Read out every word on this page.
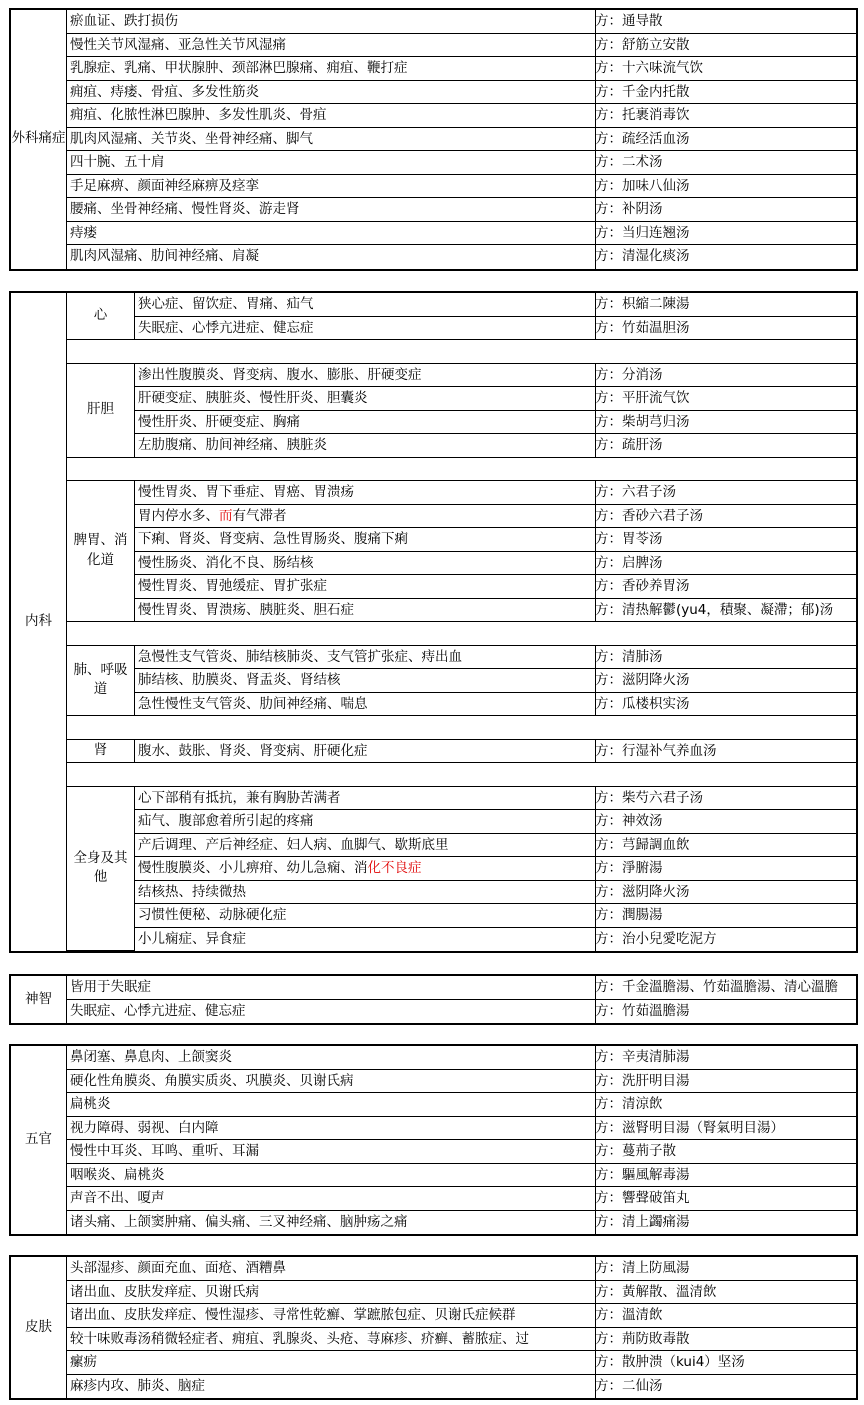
外科痛症
瘀血证、跌打损伤	方：通导散
慢性关节风湿痛、亚急性关节风湿痛	方：舒筋立安散
乳腺症、乳痛、甲状腺肿、颈部淋巴腺痛、痈疽、鞭打症	方：十六味流气饮
痈疽、痔瘘、骨疽、多发性筋炎	方：千金内托散
痈疽、化脓性淋巴腺肿、多发性肌炎、骨疽	方：托裹消毒饮
肌肉风湿痛、关节炎、坐骨神经痛、脚气	方：疏经活血汤
四十腕、五十肩	方：二术汤
手足麻痹、颜面神经麻痹及痉挛	方：加味八仙汤
腰痛、坐骨神经痛、慢性肾炎、游走肾	方：补阴汤
痔瘘	方：当归连翘汤
肌肉风湿痛、肋间神经痛、肩凝	方：清湿化痰汤
神智
皆用于失眠症	方：千金溫膽湯、竹茹溫膽湯、清心溫膽
失眠症、心悸亢进症、健忘症	方：竹茹溫膽湯
五官
鼻闭塞、鼻息肉、上颌窦炎	方：辛夷清肺湯
硬化性角膜炎、角膜实质炎、巩膜炎、贝谢氏病	方：洗肝明目湯
扁桃炎	方：清涼飲
视力障碍、弱视、白内障	方：滋腎明目湯（腎氣明目湯）
慢性中耳炎、耳鸣、重听、耳漏	方：蔓荊子散
咽喉炎、扁桃炎	方：驅風解毒湯
声音不出、嗄声	方：響聲破笛丸
诸头痛、上颌窦肿痛、偏头痛、三叉神经痛、脑肿疡之痛	方：清上蠲痛湯
皮肤
头部湿疹、颜面充血、面疮、酒糟鼻	方：清上防風湯
诸出血、皮肤发痒症、贝谢氏病	方：黃解散、溫清飲
诸出血、皮肤发痒症、慢性湿疹、寻常性乾癬、掌蹠脓包症、贝谢氏症候群	方：溫清飲
较十味败毒汤稍微轻症者、痈疽、乳腺炎、头疮、荨麻疹、疥癣、蓄脓症、过	方：荊防敗毒散
瘰疬	方：散肿溃（kui4）坚汤
麻疹内攻、肺炎、脑症	方：二仙汤
内科
心
狭心症、留饮症、胃痛、疝气	方：枳縮二陳湯
失眠症、心悸亢进症、健忘症	方：竹茹温胆汤
肝胆
渗出性腹膜炎、肾变病、腹水、膨胀、肝硬变症	方：分消汤
肝硬变症、胰脏炎、慢性肝炎、胆囊炎	方：平肝流气饮
慢性肝炎、肝硬变症、胸痛	方：柴胡芎归汤
左肋腹痛、肋间神经痛、胰脏炎	方：疏肝汤
脾胃、消化道
慢性胃炎、胃下垂症、胃癌、胃溃疡	方：六君子汤
胃内停水多、而有气滞者	方：香砂六君子汤
下痢、肾炎、肾变病、急性胃肠炎、腹痛下痢	方：胃苓汤
慢性肠炎、消化不良、肠结核	方：启脾汤
慢性胃炎、胃弛缓症、胃扩张症	方：香砂养胃汤
慢性胃炎、胃溃疡、胰脏炎、胆石症	方：清热解鬱(yu4，積聚、凝滯；郁)汤
肺、呼吸道
急慢性支气管炎、肺结核肺炎、支气管扩张症、痔出血	方：清肺汤
肺结核、肋膜炎、肾盂炎、肾结核	方：滋阴降火汤
急性慢性支气管炎、肋间神经痛、喘息	方：瓜楼枳实汤
肾	腹水、鼓胀、肾炎、肾变病、肝硬化症	方：行湿补气养血汤
全身及其他
心下部稍有抵抗，兼有胸胁苦满者	方：柴芍六君子汤
疝气、腹部愈着所引起的疼痛	方：神效汤
产后调理、产后神经症、妇人病、血脚气、歇斯底里	方：芎歸調血飲
慢性腹膜炎、小儿痹疳、幼儿急痫、消化不良症	方：淨腑湯
结核热、持续微热	方：滋阴降火汤
习惯性便秘、动脉硬化症	方：潤腸湯
小儿痫症、异食症	方：治小兒愛吃泥方
